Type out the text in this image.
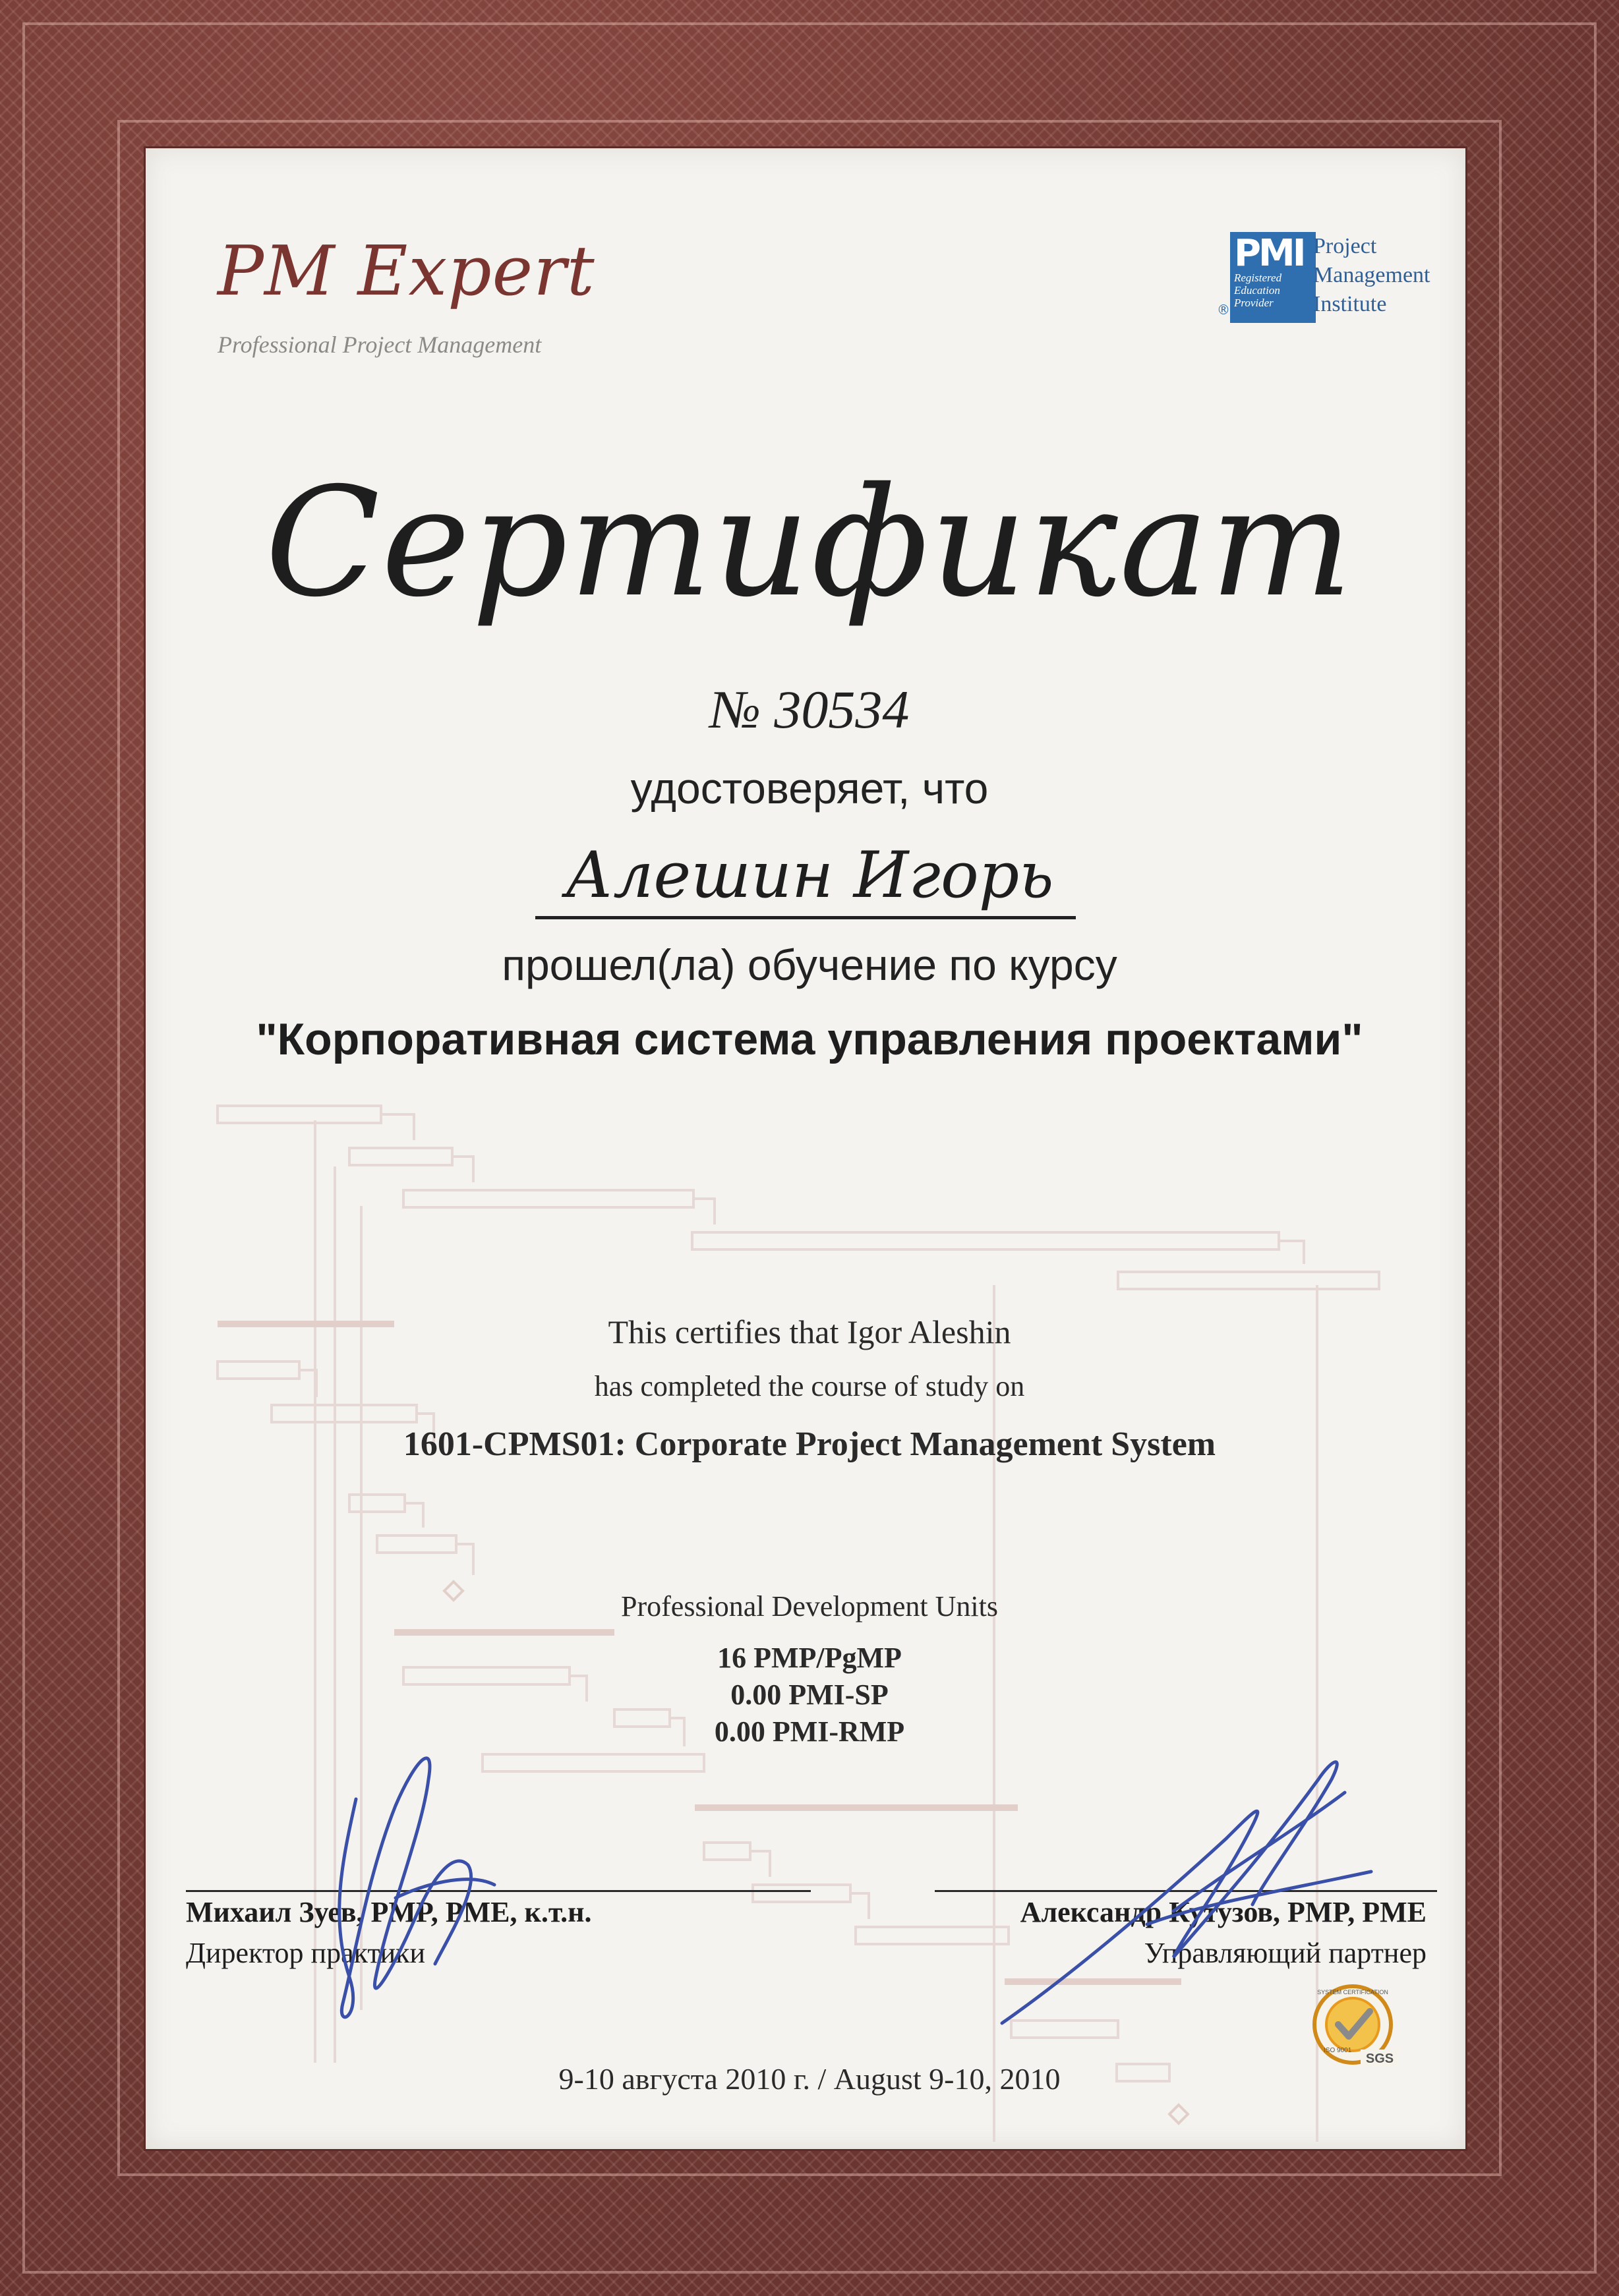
PM Expert
Professional Project Management
PMI
Registered
Education
Provider
®
Project
Management
Institute
Сертификат
№ 30534
удостоверяет, что
Алешин Игорь
прошел(ла) обучение по курсу
"Корпоративная система управления проектами"
This certifies that Igor Aleshin
has completed the course of study on
1601-CPMS01: Corporate Project Management System
Professional Development Units
16 PMP/PgMP
0.00 PMI-SP
0.00 PMI-RMP
Михаил Зуев, PMP, PME, к.т.н.
Директор практики
Александр Кутузов, PMP, PME
Управляющий партнер
9-10 августа 2010 г. / August 9-10, 2010
SGS
SYSTEM CERTIFICATION
ISO 9001
